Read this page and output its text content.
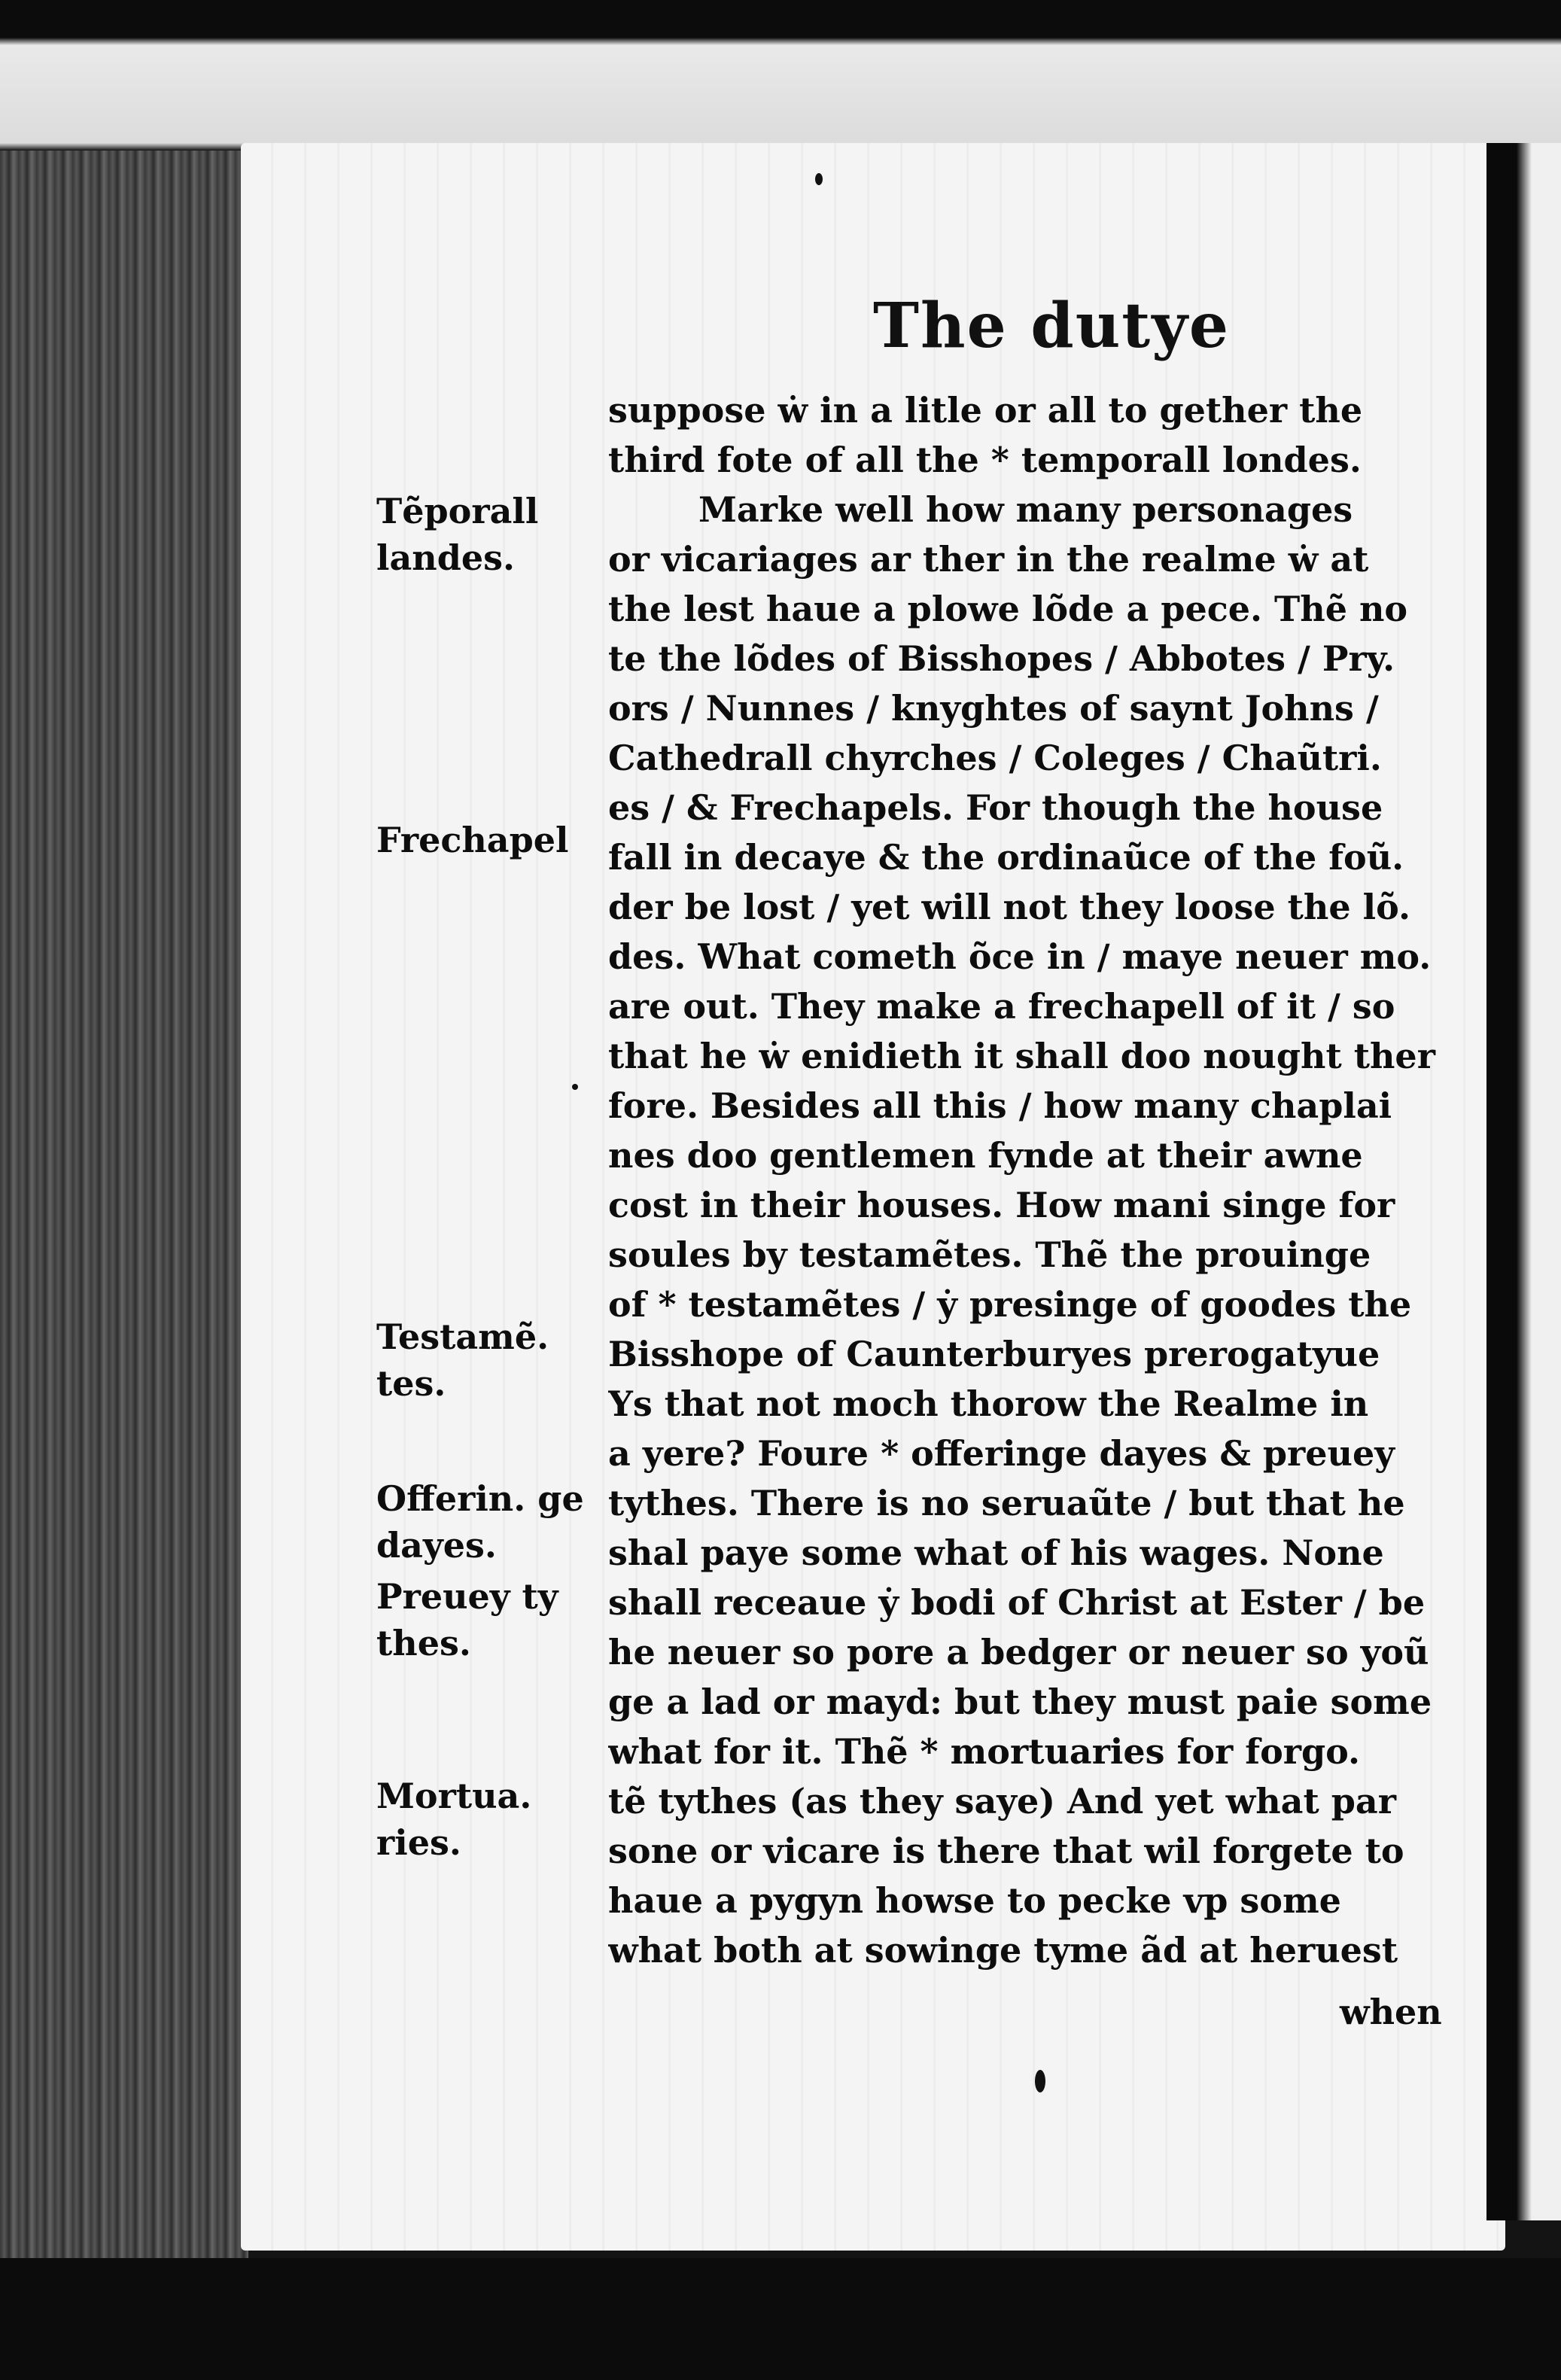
The dutye
suppose ẇ in a litle or all to gether the
third fote of all the * temporall londes.
Marke well how many personages
or vicariages ar ther in the realme ẇ at
the lest haue a plowe lõde a pece. Thẽ no
te the lõdes of Bisshopes / Abbotes / Pry.
ors / Nunnes / knyghtes of saynt Johns /
Cathedrall chyrches / Coleges / Chaũtri.
es / & Frechapels. For though the house
fall in decaye & the ordinaũce of the foũ.
der be lost / yet will not they loose the lõ.
des. What cometh õce in / maye neuer mo.
are out. They make a frechapell of it / so
that he ẇ enidieth it shall doo nought ther
fore. Besides all this / how many chaplai
nes doo gentlemen fynde at their awne
cost in their houses. How mani singe for
soules by testamẽtes. Thẽ the prouinge
of * testamẽtes / ẏ presinge of goodes the
Bisshope of Caunterburyes prerogatyue
Ys that not moch thorow the Realme in
a yere? Foure * offeringe dayes & preuey
tythes. There is no seruaũte / but that he
shal paye some what of his wages. None
shall receaue ẏ bodi of Christ at Ester / be
he neuer so pore a bedger or neuer so yoũ
ge a lad or mayd: but they must paie some
what for it. Thẽ * mortuaries for forgo.
tẽ tythes (as they saye) And yet what par
sone or vicare is there that wil forgete to
haue a pygyn howse to pecke vp some
what both at sowinge tyme ãd at heruest
Tẽporall landes.
Frechapel
Testamẽ. tes.
Offerin. ge dayes.
Preuey ty thes.
Mortua. ries.
when
